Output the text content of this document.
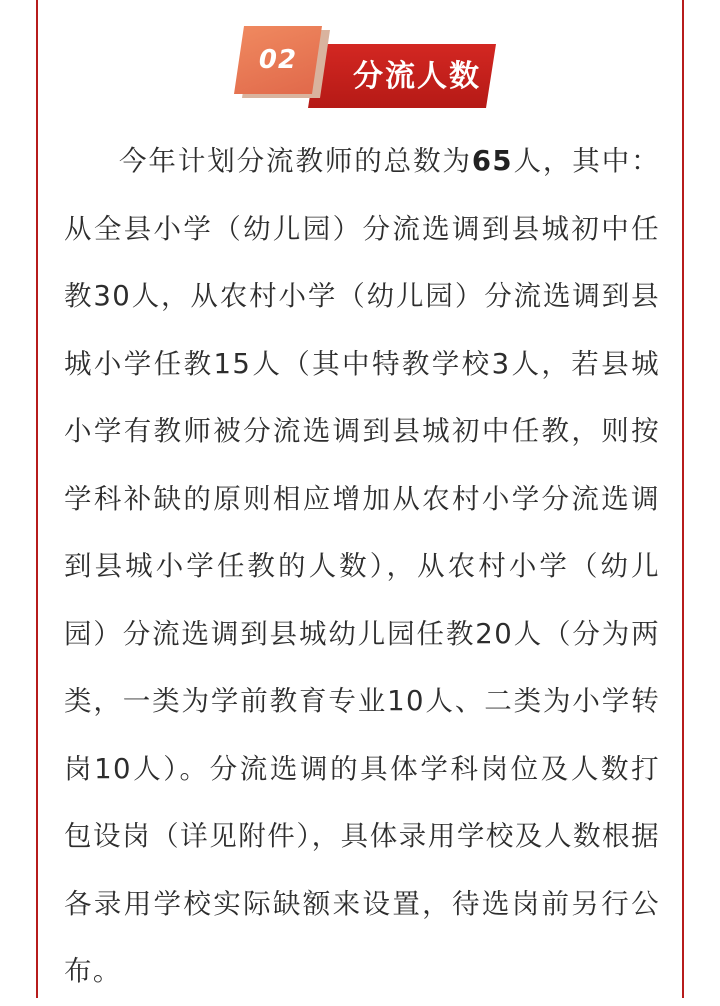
分流人数
02
今年计划分流教师的总数为65人，其中：从全县小学（幼儿园）分流选调到县城初中任教30人，从农村小学（幼儿园）分流选调到县城小学任教15人（其中特教学校3人，若县城小学有教师被分流选调到县城初中任教，则按学科补缺的原则相应增加从农村小学分流选调到县城小学任教的人数），从农村小学（幼儿园）分流选调到县城幼儿园任教20人（分为两类，一类为学前教育专业10人、二类为小学转岗10人）。分流选调的具体学科岗位及人数打包设岗（详见附件），具体录用学校及人数根据各录用学校实际缺额来设置，待选岗前另行公布。
